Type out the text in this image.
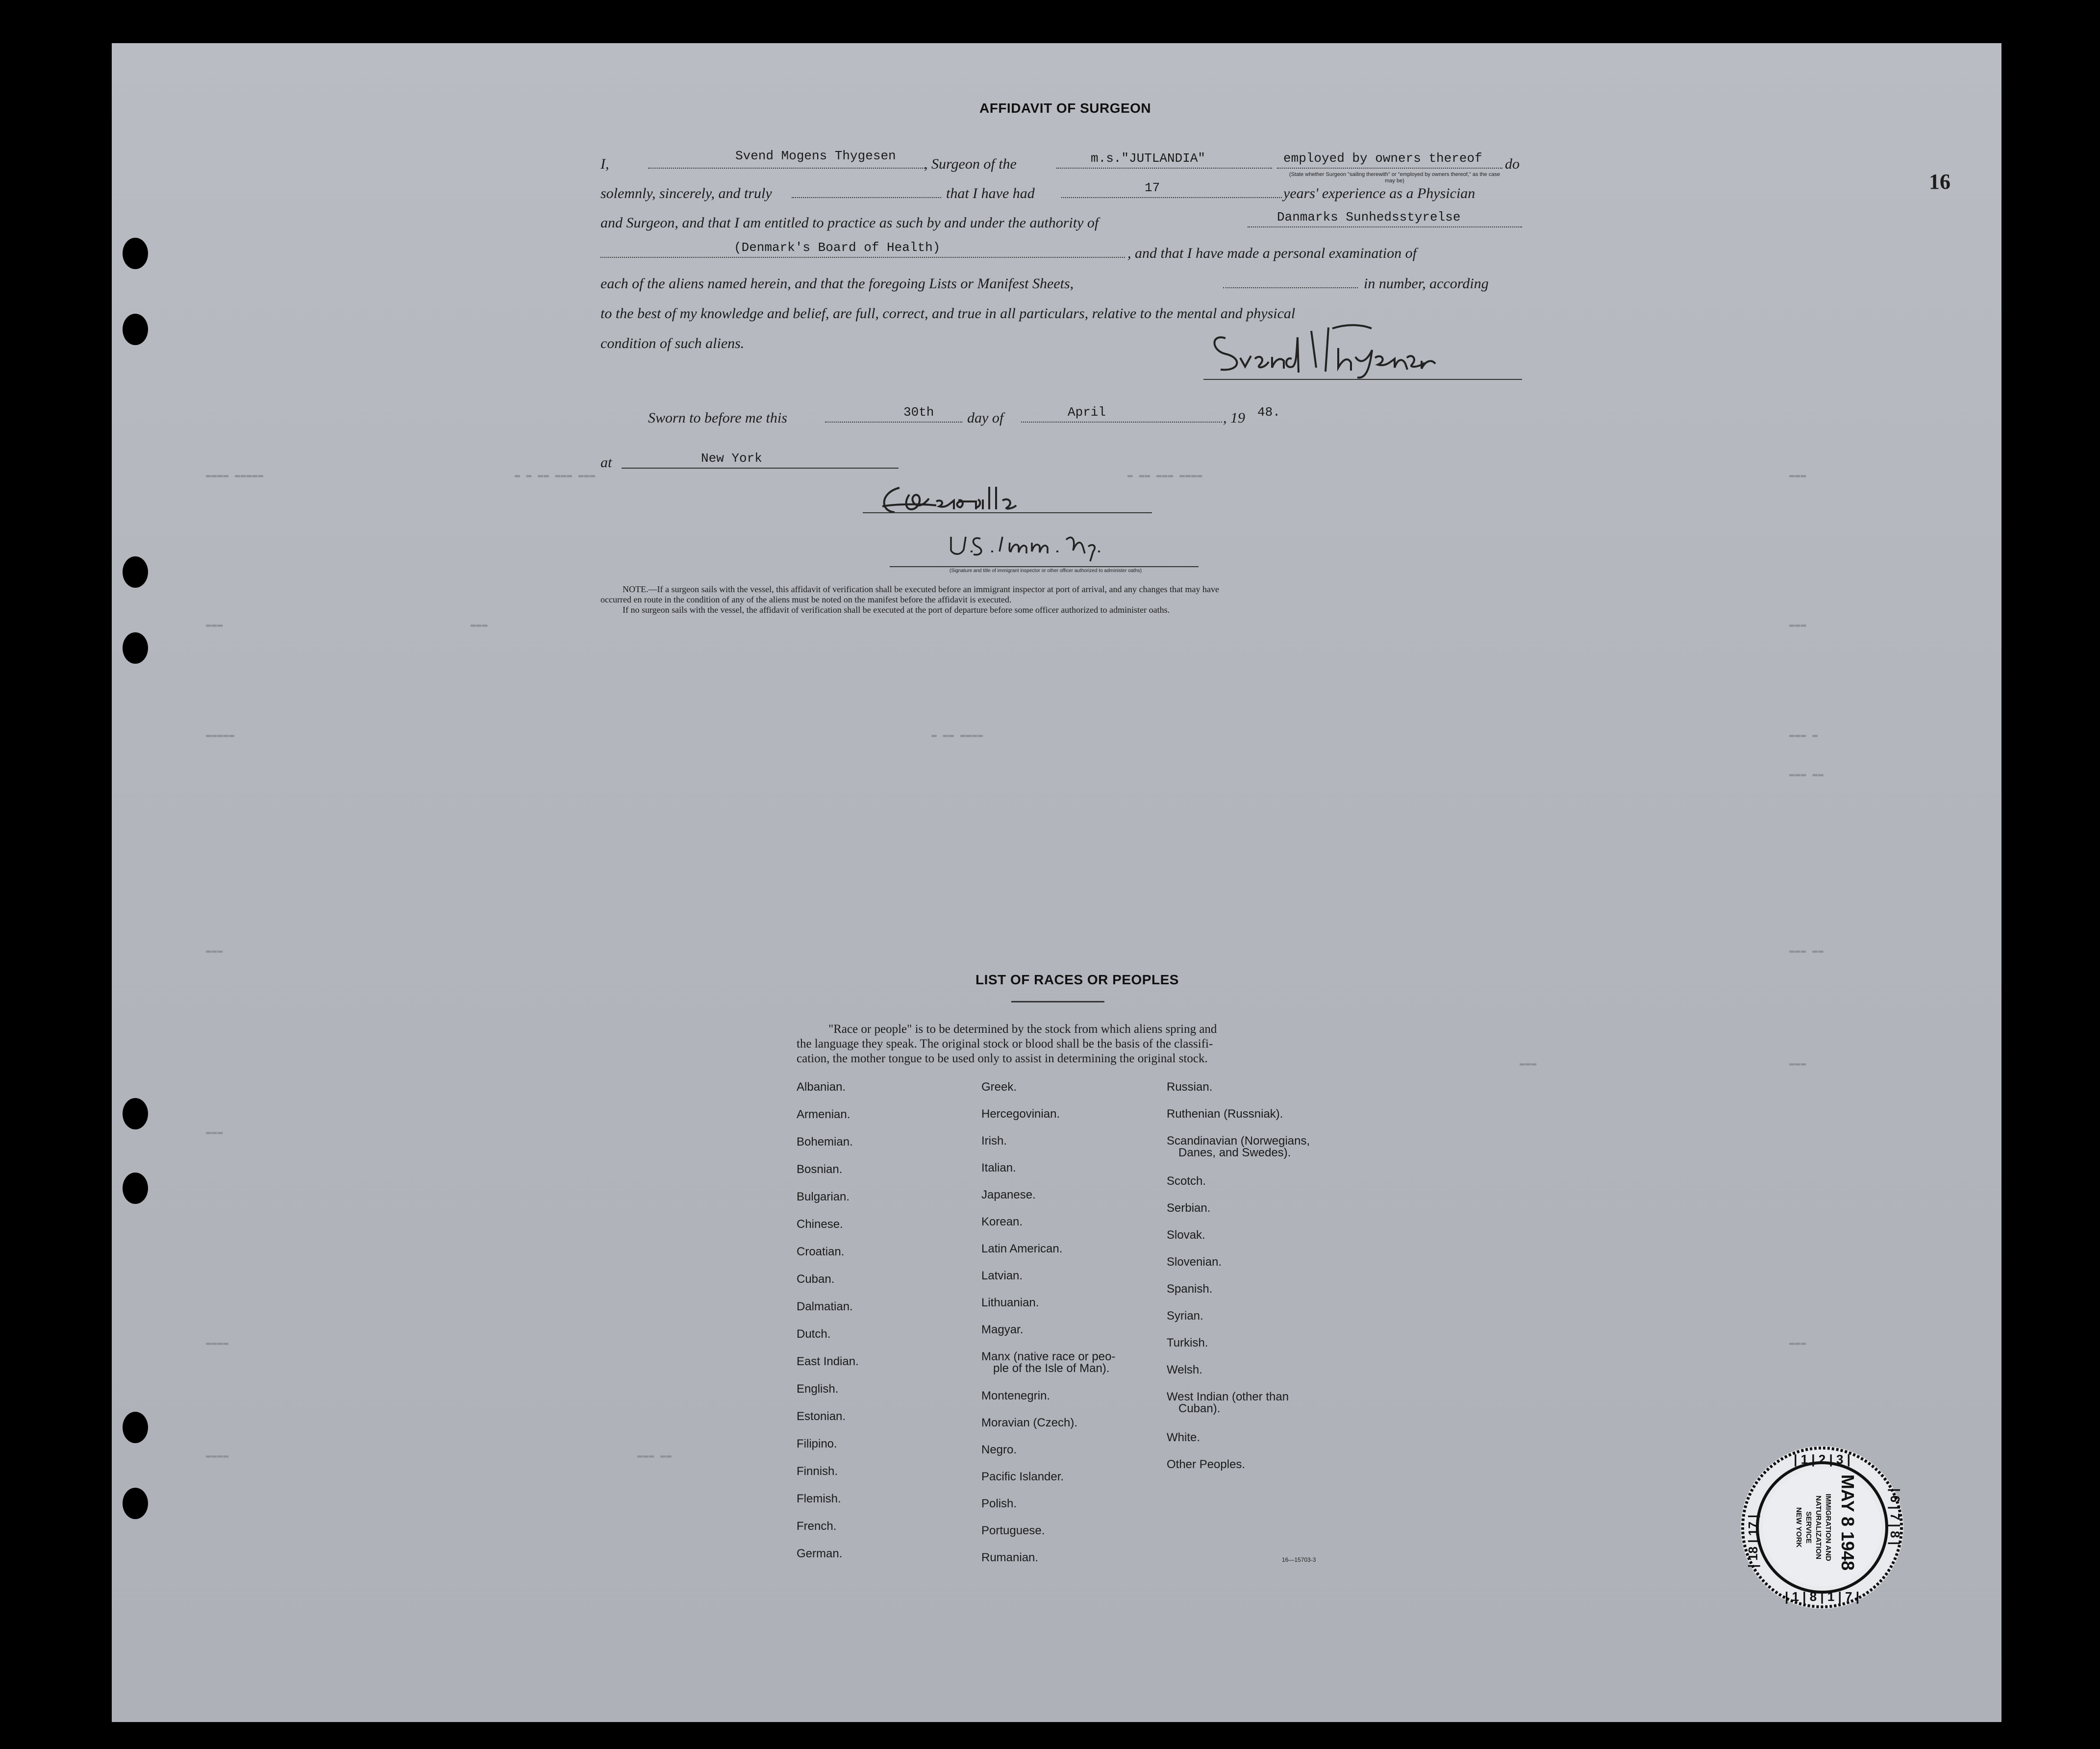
16
▬▬▬▬ ▬▬▬▬▬	▬ ▬ ▬▬ ▬▬▬ ▬▬▬	▬ ▬▬ ▬▬▬ ▬▬▬▬	▬▬▬
▬▬▬	▬▬▬	▬▬▬
▬▬▬▬▬	▬ ▬▬ ▬▬▬▬	▬▬▬ ▬
▬▬▬ ▬▬
▬▬▬	▬▬▬ ▬▬
▬▬▬
▬▬▬
▬▬▬
▬▬▬▬	▬▬▬
▬▬▬▬	▬▬▬ ▬▬
AFFIDAVIT OF SURGEON
I,	Svend Mogens Thygesen , Surgeon of the	m.s."JUTLANDIA"	employed by owners thereof do
(State whether Surgeon "sailing therewith" or "employed by owners thereof," as the case may be)
solemnly, sincerely, and truly	that I have had	17	years' experience as a Physician
and Surgeon, and that I am entitled to practice as such by and under the authority of	Danmarks Sunhedsstyrelse
(Denmark's Board of Health)	, and that I have made a personal examination of
each of the aliens named herein, and that the foregoing Lists or Manifest Sheets,	in number, according
to the best of my knowledge and belief, are full, correct, and true in all particulars, relative to the mental and physical
condition of such aliens.
Sworn to before me this	30th day of	April	, 19 48.
at	New York
(Signature and title of immigrant inspector or other officer authorized to administer oaths)
NOTE.—If a surgeon sails with the vessel, this affidavit of verification shall be executed before an immigrant inspector at port of arrival, and any changes that may have
occurred en route in the condition of any of the aliens must be noted on the manifest before the affidavit is executed.
If no surgeon sails with the vessel, the affidavit of verification shall be executed at the port of departure before some officer authorized to administer oaths.
LIST OF RACES OR PEOPLES
"Race or people" is to be determined by the stock from which aliens spring and
the language they speak. The original stock or blood shall be the basis of the classifi-
cation, the mother tongue to be used only to assist in determining the original stock.
Albanian.
Armenian.
Bohemian.
Bosnian.
Bulgarian.
Chinese.
Croatian.
Cuban.
Dalmatian.
Dutch.
East Indian.
English.
Estonian.
Filipino.
Finnish.
Flemish.
French.
German.
Greek.
Hercegovinian.
Irish.
Italian.
Japanese.
Korean.
Latin American.
Latvian.
Lithuanian.
Magyar.
Manx (native race or peo-
ple of the Isle of Man).
Montenegrin.
Moravian (Czech).
Negro.
Pacific Islander.
Polish.
Portuguese.
Rumanian.
Russian.
Ruthenian (Russniak).
Scandinavian (Norwegians,
Danes, and Swedes).
Scotch.
Serbian.
Slovak.
Slovenian.
Spanish.
Syrian.
Turkish.
Welsh.
West Indian (other than
Cuban).
White.
Other Peoples.
16—15703-3
| 1 | 2 | 3 |
| 1 | 8 | 1 | 7 |
| 18 | 17 |	| 6 | 7 | 8 |
MAY 8 1948
IMMIGRATION AND
NATURALIZATION
SERVICE
NEW YORK
